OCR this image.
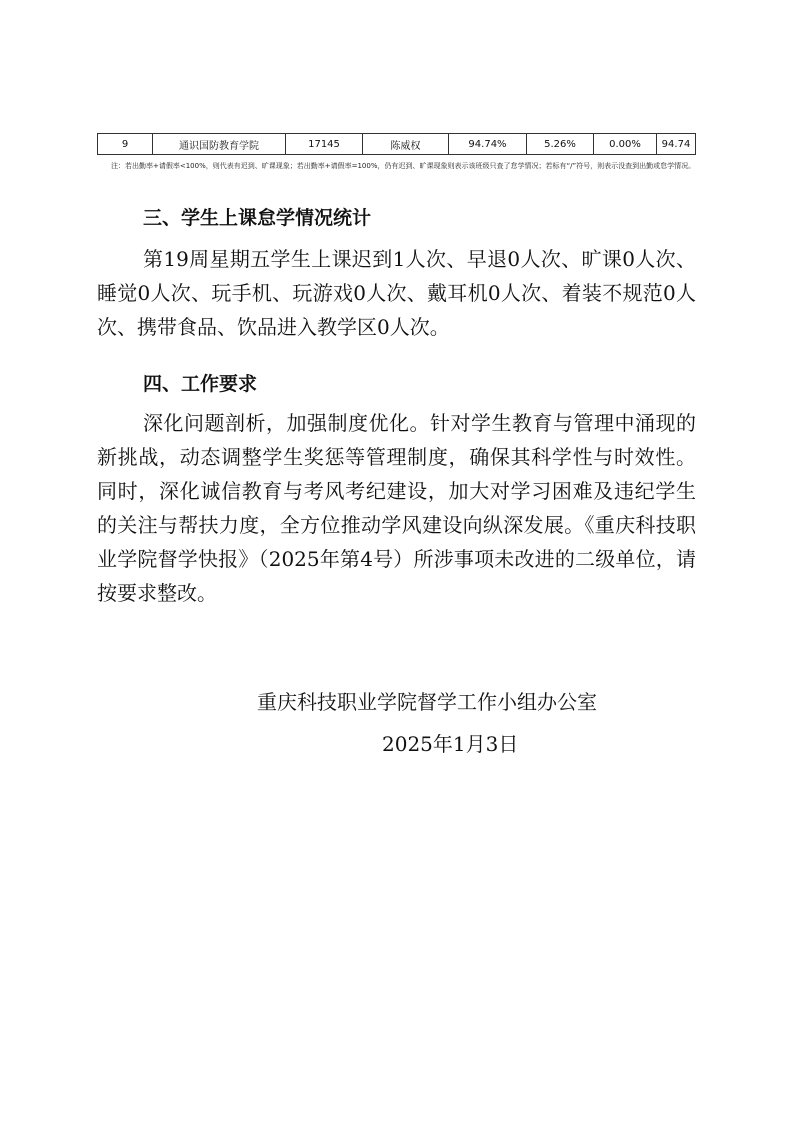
9	通识国防教育学院	17145	陈威权	94.74%	5.26%	0.00%	94.74
注：若出勤率+请假率<100%，则代表有迟到、旷课现象；若出勤率+请假率=100%，仍有迟到、旷课现象则表示该班级只查了怠学情况；若标有“/”符号，则表示没查到出勤或怠学情况。
三、学生上课怠学情况统计

第19周星期五学生上课迟到1人次、早退0人次、旷课0人次、睡觉0人次、玩手机、玩游戏0人次、戴耳机0人次、着装不规范0人次、携带食品、饮品进入教学区0人次。

四、工作要求

深化问题剖析，加强制度优化。针对学生教育与管理中涌现的新挑战，动态调整学生奖惩等管理制度，确保其科学性与时效性。同时，深化诚信教育与考风考纪建设，加大对学习困难及违纪学生的关注与帮扶力度，全方位推动学风建设向纵深发展。《重庆科技职业学院督学快报》（2025年第4号）所涉事项未改进的二级单位，请按要求整改。

重庆科技职业学院督学工作小组办公室
2025年1月3日
